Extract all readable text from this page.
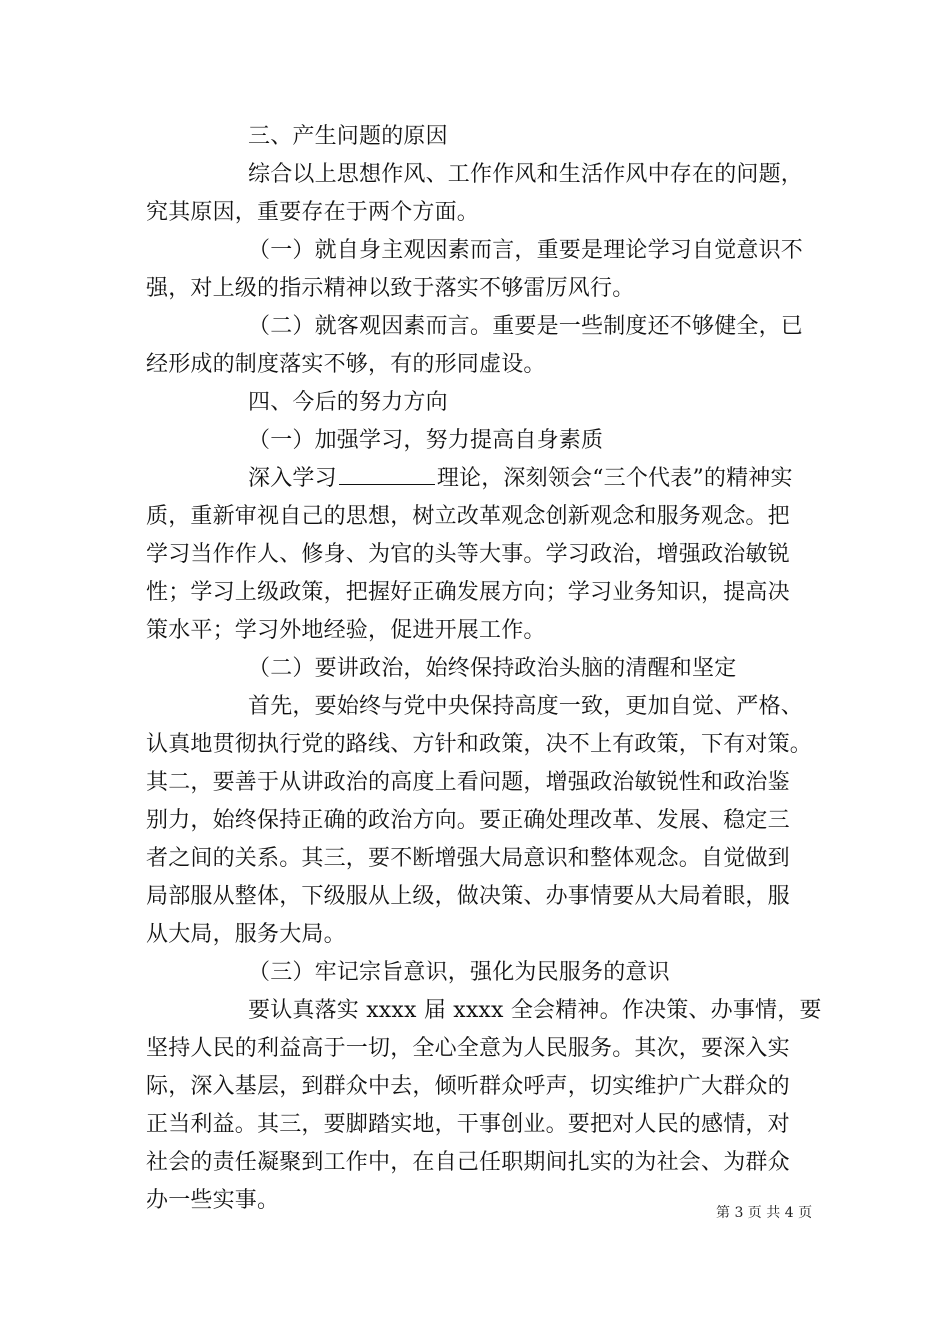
三、产生问题的原因
综合以上思想作风、工作作风和生活作风中存在的问题，
究其原因，重要存在于两个方面。
（一）就自身主观因素而言，重要是理论学习自觉意识不
强，对上级的指示精神以致于落实不够雷厉风行。
（二）就客观因素而言。重要是一些制度还不够健全，已
经形成的制度落实不够，有的形同虚设。
四、今后的努力方向
（一）加强学习，努力提高自身素质
深入学习	理论，深刻领会“三个代表”的精神实
质，重新审视自己的思想，树立改革观念创新观念和服务观念。把
学习当作作人、修身、为官的头等大事。学习政治，增强政治敏锐
性；学习上级政策，把握好正确发展方向；学习业务知识，提高决
策水平；学习外地经验，促进开展工作。
（二）要讲政治，始终保持政治头脑的清醒和坚定
首先，要始终与党中央保持高度一致，更加自觉、严格、
认真地贯彻执行党的路线、方针和政策，决不上有政策，下有对策。
其二，要善于从讲政治的高度上看问题，增强政治敏锐性和政治鉴
别力，始终保持正确的政治方向。要正确处理改革、发展、稳定三
者之间的关系。其三，要不断增强大局意识和整体观念。自觉做到
局部服从整体，下级服从上级，做决策、办事情要从大局着眼，服
从大局，服务大局。
（三）牢记宗旨意识，强化为民服务的意识
要认真落实 xxxx 届 xxxx 全会精神。作决策、办事情，要
坚持人民的利益高于一切，全心全意为人民服务。其次，要深入实
际，深入基层，到群众中去，倾听群众呼声，切实维护广大群众的
正当利益。其三，要脚踏实地，干事创业。要把对人民的感情，对
社会的责任凝聚到工作中，在自己任职期间扎实的为社会、为群众
办一些实事。	第 3 页 共 4 页
